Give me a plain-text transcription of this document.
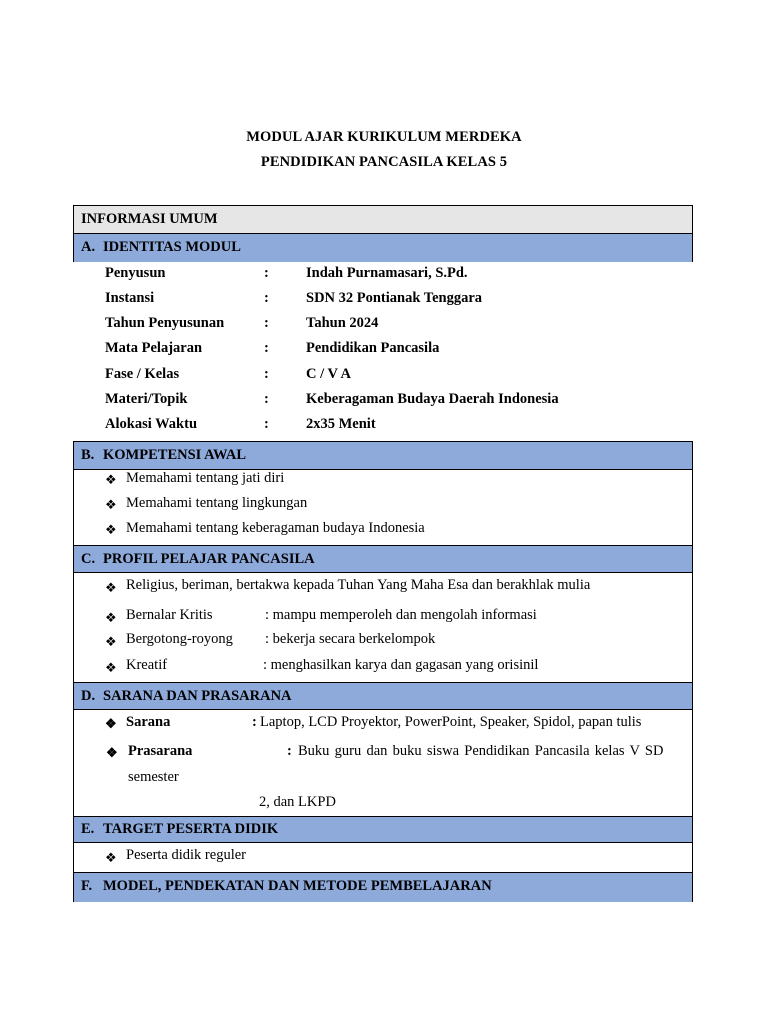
MODUL AJAR KURIKULUM MERDEKA
PENDIDIKAN PANCASILA KELAS 5
INFORMASI UMUM
A. IDENTITAS MODUL
Penyusun	:	Indah Purnamasari, S.Pd.
Instansi	:	SDN 32 Pontianak Tenggara
Tahun Penyusunan	:	Tahun 2024
Mata Pelajaran	:	Pendidikan Pancasila
Fase / Kelas	:	C / V A
Materi/Topik	:	Keberagaman Budaya Daerah Indonesia
Alokasi Waktu	:	2x35 Menit
B. KOMPETENSI AWAL
C. PROFIL PELAJAR PANCASILA
D. SARANA DAN PRASARANA
E. TARGET PESERTA DIDIK
F. MODEL, PENDEKATAN DAN METODE PEMBELAJARAN
❖ Memahami tentang jati diri
❖ Memahami tentang lingkungan
❖ Memahami tentang keberagaman budaya Indonesia
❖ Religius, beriman, bertakwa kepada Tuhan Yang Maha Esa dan berakhlak mulia
❖ Bernalar Kritis	: mampu memperoleh dan mengolah informasi
❖ Bergotong-royong : bekerja secara berkelompok
❖ Kreatif	: menghasilkan karya dan gagasan yang orisinil
❖ Sarana	: Laptop, LCD Proyektor, PowerPoint, Speaker, Spidol, papan tulis
❖ Prasarana	: Buku guru dan buku siswa Pendidikan Pancasila kelas V SD
semester
2, dan LKPD
❖ Peserta didik reguler
